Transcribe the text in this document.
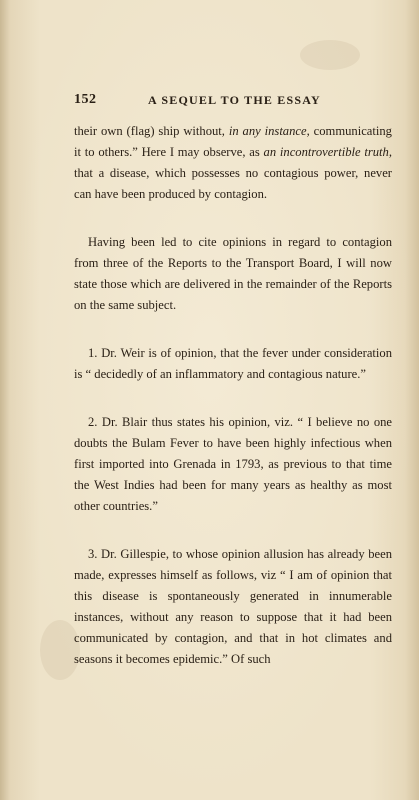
152	A SEQUEL TO THE ESSAY

their own (flag) ship without, in any instance, communicating it to others.” Here I may observe, as an incontrovertible truth, that a disease, which possesses no contagious power, never can have been produced by contagion.

Having been led to cite opinions in regard to contagion from three of the Reports to the Transport Board, I will now state those which are delivered in the remainder of the Reports on the same subject.

1. Dr. Weir is of opinion, that the fever under consideration is “ decidedly of an inflammatory and contagious nature.”

2. Dr. Blair thus states his opinion, viz. “ I believe no one doubts the Bulam Fever to have been highly infectious when first imported into Grenada in 1793, as previous to that time the West Indies had been for many years as healthy as most other countries.”

3. Dr. Gillespie, to whose opinion allusion has already been made, expresses himself as follows, viz “ I am of opinion that this disease is spontaneously generated in innumerable instances, without any reason to suppose that it had been communicated by contagion, and that in hot climates and seasons it becomes epidemic.” Of such
